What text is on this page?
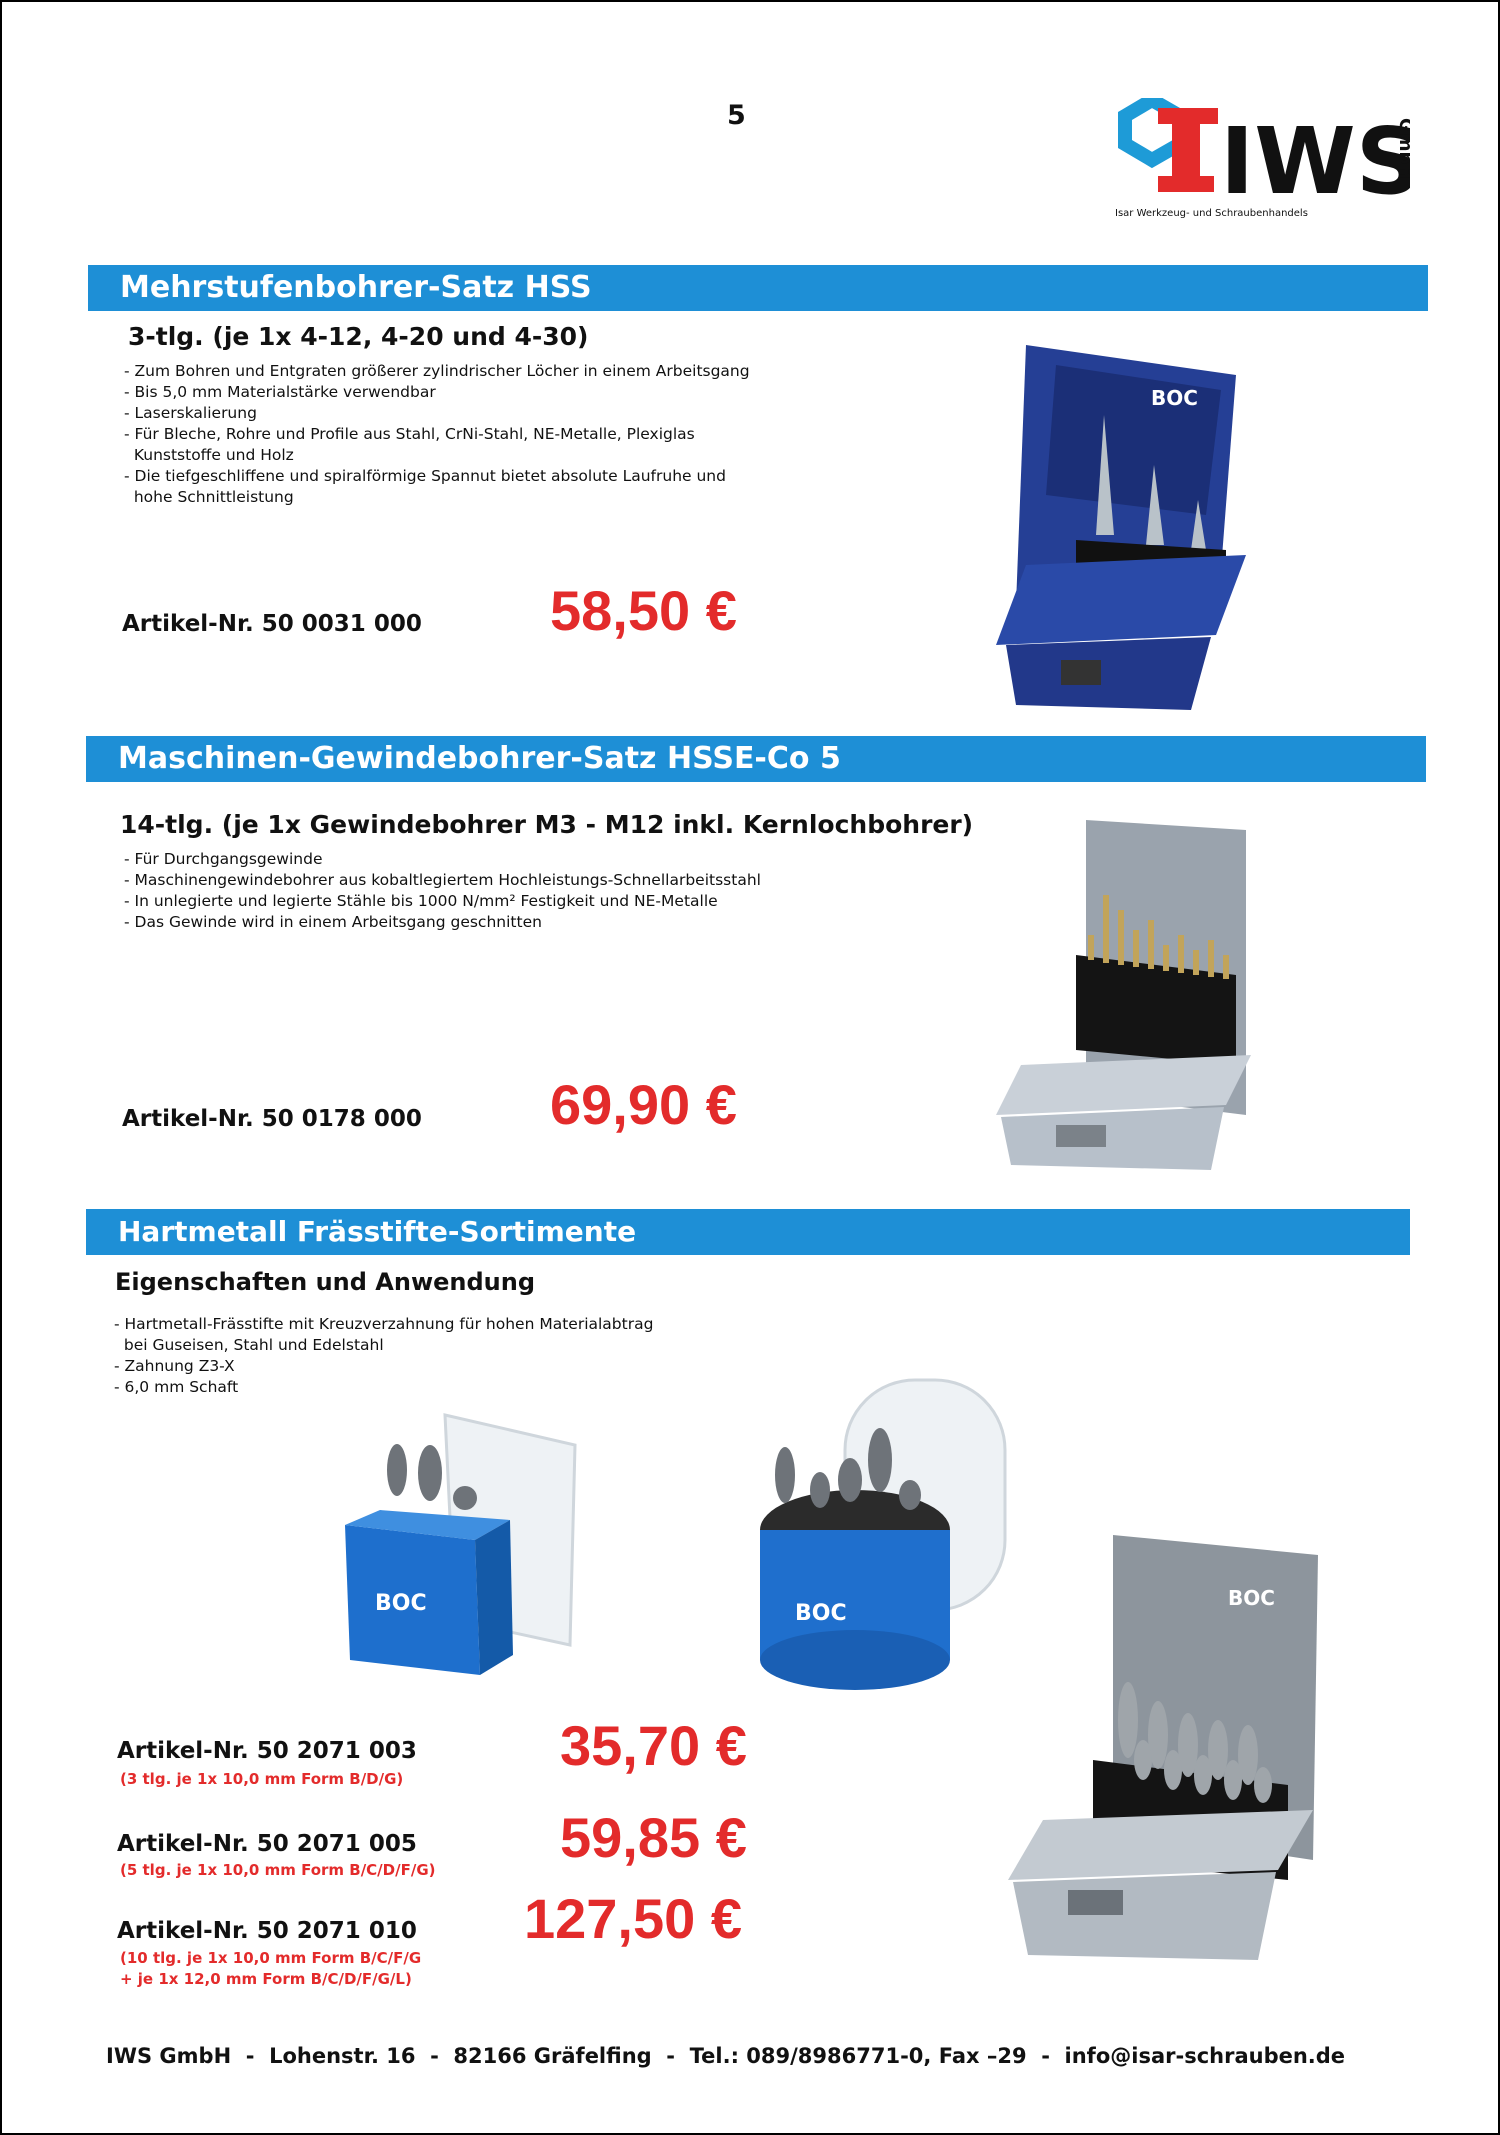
5	IWS
GmbH
Isar Werkzeug- und Schraubenhandels
Mehrstufenbohrer-Satz HSS
3-tlg. (je 1x 4-12, 4-20 und 4-30)
- Zum Bohren und Entgraten größerer zylindrischer Löcher in einem Arbeitsgang
- Bis 5,0 mm Materialstärke verwendbar
- Laserskalierung
- Für Bleche, Rohre und Profile aus Stahl, CrNi-Stahl, NE-Metalle, Plexiglas
Kunststoffe und Holz
- Die tiefgeschliffene und spiralförmige Spannut bietet absolute Laufruhe und
hohe Schnittleistung
Artikel-Nr. 50 0031 000 58,50 €
BOC
Maschinen-Gewindebohrer-Satz HSSE-Co 5
14-tlg. (je 1x Gewindebohrer M3 - M12 inkl. Kernlochbohrer)
- Für Durchgangsgewinde
- Maschinengewindebohrer aus kobaltlegiertem Hochleistungs-Schnellarbeitsstahl
- In unlegierte und legierte Stähle bis 1000 N/mm² Festigkeit und NE-Metalle
- Das Gewinde wird in einem Arbeitsgang geschnitten
Artikel-Nr. 50 0178 000 69,90 €
Hartmetall Frässtifte-Sortimente
Eigenschaften und Anwendung
- Hartmetall-Frässtifte mit Kreuzverzahnung für hohen Materialabtrag
bei Guseisen, Stahl und Edelstahl
- Zahnung Z3-X
- 6,0 mm Schaft
BOC	BOC
BOC
Artikel-Nr. 50 2071 003
(3 tlg. je 1x 10,0 mm Form B/D/G)
35,70 €
Artikel-Nr. 50 2071 005
(5 tlg. je 1x 10,0 mm Form B/C/D/F/G)
59,85 €
Artikel-Nr. 50 2071 010
(10 tlg. je 1x 10,0 mm Form B/C/F/G
+ je 1x 12,0 mm Form B/C/D/F/G/L)
127,50 €
IWS GmbH  -  Lohenstr. 16  -  82166 Gräfelfing  -  Tel.: 089/8986771-0, Fax –29  -  info@isar-schrauben.de
